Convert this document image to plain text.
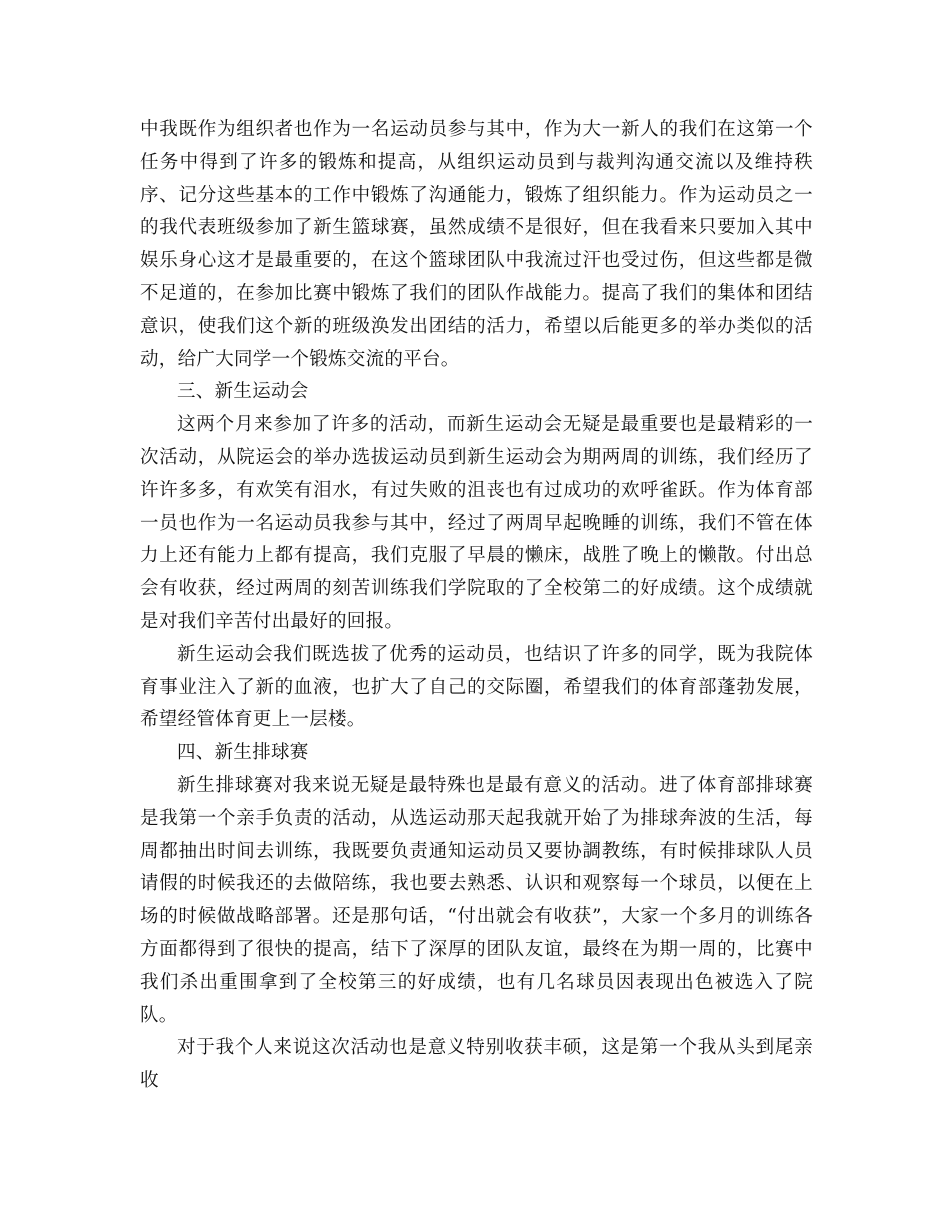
中我既作为组织者也作为一名运动员参与其中，作为大一新人的我们在这第一个任务中得到了许多的锻炼和提高，从组织运动员到与裁判沟通交流以及维持秩序、记分这些基本的工作中锻炼了沟通能力，锻炼了组织能力。作为运动员之一的我代表班级参加了新生篮球赛，虽然成绩不是很好，但在我看来只要加入其中娱乐身心这才是最重要的，在这个篮球团队中我流过汗也受过伤，但这些都是微不足道的，在参加比赛中锻炼了我们的团队作战能力。提高了我们的集体和团结意识，使我们这个新的班级涣发出团结的活力，希望以后能更多的举办类似的活动，给广大同学一个锻炼交流的平台。

三、新生运动会

这两个月来参加了许多的活动，而新生运动会无疑是最重要也是最精彩的一次活动，从院运会的举办选拔运动员到新生运动会为期两周的训练，我们经历了许许多多，有欢笑有泪水，有过失败的沮丧也有过成功的欢呼雀跃。作为体育部一员也作为一名运动员我参与其中，经过了两周早起晚睡的训练，我们不管在体力上还有能力上都有提高，我们克服了早晨的懒床，战胜了晚上的懒散。付出总会有收获，经过两周的刻苦训练我们学院取的了全校第二的好成绩。这个成绩就是对我们辛苦付出最好的回报。

新生运动会我们既选拔了优秀的运动员，也结识了许多的同学，既为我院体育事业注入了新的血液，也扩大了自己的交际圈，希望我们的体育部蓬勃发展，希望经管体育更上一层楼。

四、新生排球赛

新生排球赛对我来说无疑是最特殊也是最有意义的活动。进了体育部排球赛是我第一个亲手负责的活动，从选运动那天起我就开始了为排球奔波的生活，每周都抽出时间去训练，我既要负责通知运动员又要协調教练，有时候排球队人员请假的时候我还的去做陪练，我也要去熟悉、认识和观察每一个球员，以便在上场的时候做战略部署。还是那句话，“付出就会有收获”，大家一个多月的训练各方面都得到了很快的提高，结下了深厚的团队友谊，最终在为期一周的，比赛中我们杀出重围拿到了全校第三的好成绩，也有几名球员因表现出色被选入了院队。

对于我个人来说这次活动也是意义特别收获丰硕，这是第一个我从头到尾亲收
